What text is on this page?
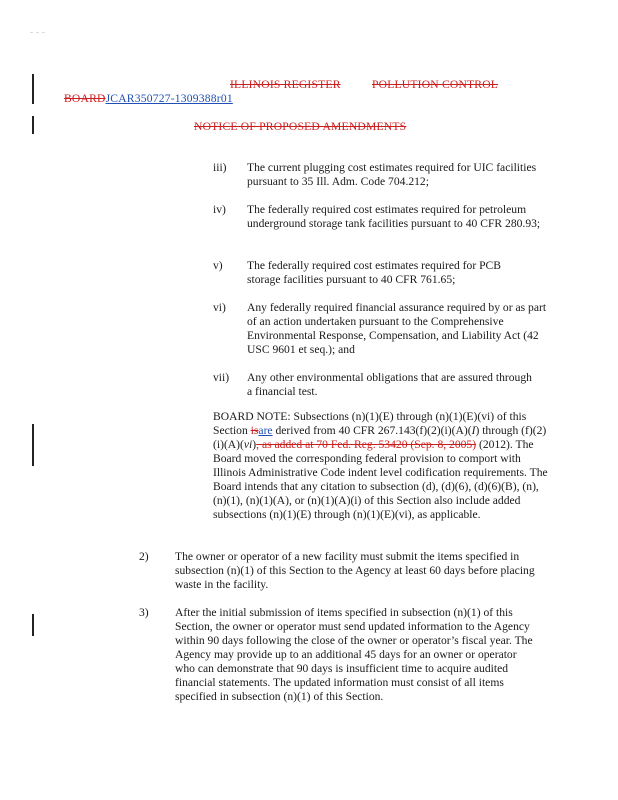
- - -
ILLINOIS REGISTER	POLLUTION CONTROL
BOARDJCAR350727-1309388r01
NOTICE OF PROPOSED AMENDMENTS
iii) The current plugging cost estimates required for UIC facilities pursuant to 35 Ill. Adm. Code 704.212;
iv) The federally required cost estimates required for petroleum underground storage tank facilities pursuant to 40 CFR 280.93;
v) The federally required cost estimates required for PCB storage facilities pursuant to 40 CFR 761.65;
vi) Any federally required financial assurance required by or as part of an action undertaken pursuant to the Comprehensive Environmental Response, Compensation, and Liability Act (42 USC 9601 et seq.); and
vii) Any other environmental obligations that are assured through a financial test.
BOARD NOTE: Subsections (n)(1)(E) through (n)(1)(E)(vi) of this Section isare derived from 40 CFR 267.143(f)(2)(i)(A)(I) through (f)(2)(i)(A)(vi), as added at 70 Fed. Reg. 53420 (Sep. 8, 2005) (2012). The Board moved the corresponding federal provision to comport with Illinois Administrative Code indent level codification requirements. The Board intends that any citation to subsection (d), (d)(6), (d)(6)(B), (n), (n)(1), (n)(1)(A), or (n)(1)(A)(i) of this Section also include added subsections (n)(1)(E) through (n)(1)(E)(vi), as applicable.
2) The owner or operator of a new facility must submit the items specified in subsection (n)(1) of this Section to the Agency at least 60 days before placing waste in the facility.
3) After the initial submission of items specified in subsection (n)(1) of this Section, the owner or operator must send updated information to the Agency within 90 days following the close of the owner or operator’s fiscal year. The Agency may provide up to an additional 45 days for an owner or operator who can demonstrate that 90 days is insufficient time to acquire audited financial statements. The updated information must consist of all items specified in subsection (n)(1) of this Section.
